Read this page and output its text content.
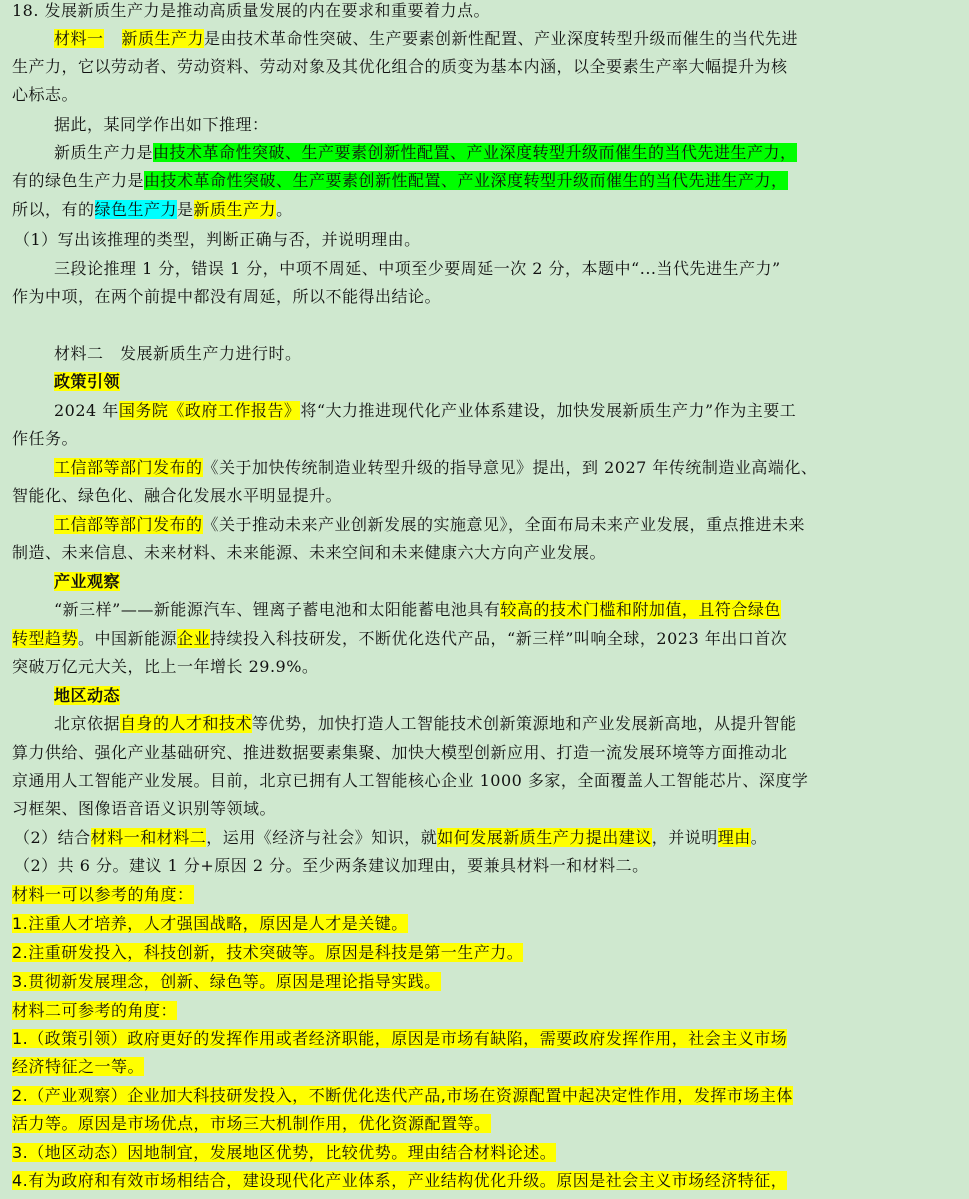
18. 发展新质生产力是推动高质量发展的内在要求和重要着力点。
材料一 新质生产力是由技术革命性突破、生产要素创新性配置、产业深度转型升级而催生的当代先进
生产力，它以劳动者、劳动资料、劳动对象及其优化组合的质变为基本内涵，以全要素生产率大幅提升为核
心标志。
据此，某同学作出如下推理：
新质生产力是由技术革命性突破、生产要素创新性配置、产业深度转型升级而催生的当代先进生产力，
有的绿色生产力是由技术革命性突破、生产要素创新性配置、产业深度转型升级而催生的当代先进生产力，
所以，有的绿色生产力是新质生产力。
（1）写出该推理的类型，判断正确与否，并说明理由。
三段论推理 1 分，错误 1 分，中项不周延、中项至少要周延一次 2 分，本题中“...当代先进生产力”
作为中项，在两个前提中都没有周延，所以不能得出结论。
材料二　发展新质生产力进行时。
政策引领
2024 年国务院《政府工作报告》将“大力推进现代化产业体系建设，加快发展新质生产力”作为主要工
作任务。
工信部等部门发布的《关于加快传统制造业转型升级的指导意见》提出，到 2027 年传统制造业高端化、
智能化、绿色化、融合化发展水平明显提升。
工信部等部门发布的《关于推动未来产业创新发展的实施意见》，全面布局未来产业发展，重点推进未来
制造、未来信息、未来材料、未来能源、未来空间和未来健康六大方向产业发展。
产业观察
“新三样”——新能源汽车、锂离子蓄电池和太阳能蓄电池具有较高的技术门槛和附加值，且符合绿色
转型趋势。中国新能源企业持续投入科技研发，不断优化迭代产品，“新三样”叫响全球，2023 年出口首次
突破万亿元大关，比上一年增长 29.9%。
地区动态
北京依据自身的人才和技术等优势，加快打造人工智能技术创新策源地和产业发展新高地，从提升智能
算力供给、强化产业基础研究、推进数据要素集聚、加快大模型创新应用、打造一流发展环境等方面推动北
京通用人工智能产业发展。目前，北京已拥有人工智能核心企业 1000 多家，全面覆盖人工智能芯片、深度学
习框架、图像语音语义识别等领域。
（2）结合材料一和材料二，运用《经济与社会》知识，就如何发展新质生产力提出建议，并说明理由。
（2）共 6 分。建议 1 分+原因 2 分。至少两条建议加理由，要兼具材料一和材料二。
材料一可以参考的角度：
1.注重人才培养，人才强国战略，原因是人才是关键。
2.注重研发投入，科技创新，技术突破等。原因是科技是第一生产力。
3.贯彻新发展理念，创新、绿色等。原因是理论指导实践。
材料二可参考的角度：
1.（政策引领）政府更好的发挥作用或者经济职能，原因是市场有缺陷，需要政府发挥作用，社会主义市场
经济特征之一等。
2.（产业观察）企业加大科技研发投入，不断优化迭代产品,市场在资源配置中起决定性作用，发挥市场主体
活力等。原因是市场优点，市场三大机制作用，优化资源配置等。
3.（地区动态）因地制宜，发展地区优势，比较优势。理由结合材料论述。
4.有为政府和有效市场相结合，建设现代化产业体系，产业结构优化升级。原因是社会主义市场经济特征，
